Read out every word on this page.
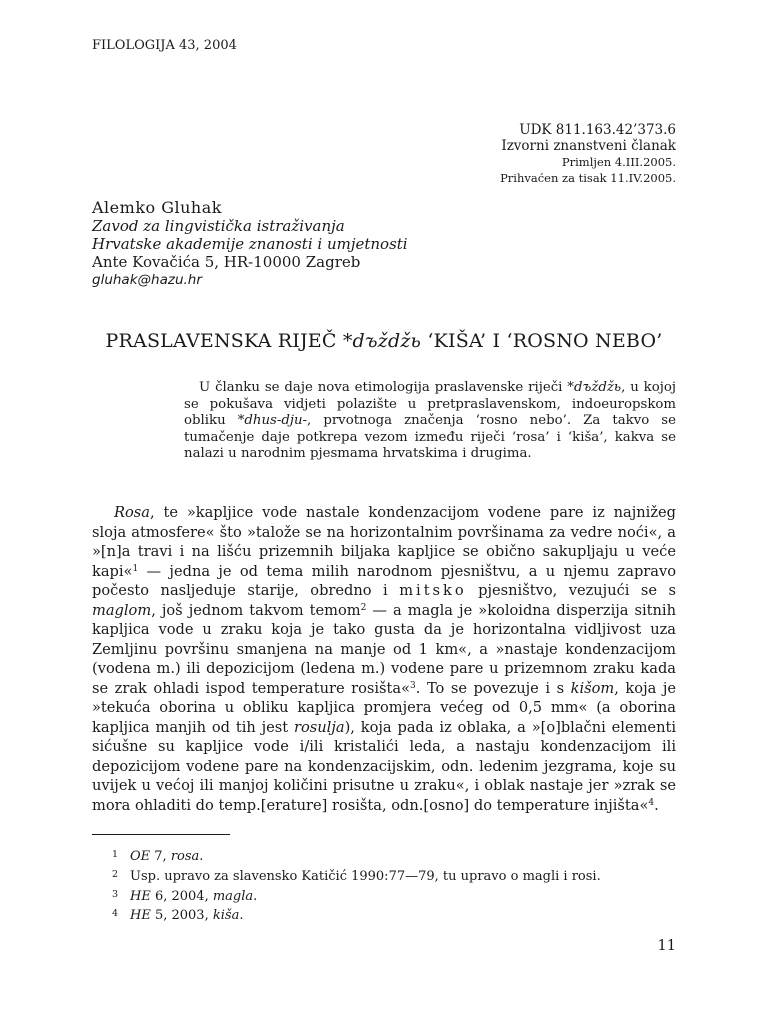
FILOLOGIJA 43, 2004
UDK 811.163.42’373.6
Izvorni znanstveni članak
Primljen 4.III.2005.
Prihvaćen za tisak 11.IV.2005.
Alemko Gluhak
Zavod za lingvistička istraživanja
Hrvatske akademije znanosti i umjetnosti
Ante Kovačića 5, HR-10000 Zagreb
gluhak@hazu.hr
PRASLAVENSKA RIJEČ *dъždžь ‘KIŠA’ I ‘ROSNO NEBO’
U članku se daje nova etimologija praslavenske riječi *dъždžь, u kojoj se pokušava vidjeti polazište u pretpraslavenskom, indoeuropskom obliku *dhus-dju-, prvotnoga značenja ‘rosno nebo’. Za takvo se tumačenje daje potkrepa vezom između riječi ‘rosa’ i ‘kiša’, kakva se nalazi u narodnim pjesmama hrvatskima i drugima.
Rosa, te »kapljice vode nastale kondenzacijom vodene pare iz najnižeg sloja atmosfere« što »talože se na horizontalnim površinama za vedre noći«, a »[n]a travi i na lišću prizemnih biljaka kapljice se obično sakupljaju u veće kapi«$^1$ — jedna je od tema milih narodnom pjesništvu, a u njemu zapravo počesto nasljeduje starije, obredno i mitsko pjesništvo, vezujući se s maglom, još jednom takvom temom$^2$ — a magla je »koloidna disperzija sitnih kapljica vode u zraku koja je tako gusta da je horizontalna vidljivost uza Zemljinu površinu smanjena na manje od 1 km«, a »nastaje kondenzacijom (vodena m.) ili depozicijom (ledena m.) vodene pare u prizemnom zraku kada se zrak ohladi ispod temperature rosišta«$^3$. To se povezuje i s kišom, koja je »tekuća oborina u obliku kapljica promjera većeg od 0,5 mm« (a oborina kapljica manjih od tih jest rosulja), koja pada iz oblaka, a »[o]blačni elementi sićušne su kapljice vode i/ili kristalići leda, a nastaju kondenzacijom ili depozicijom vodene pare na kondenzacijskim, odn. ledenim jezgrama, koje su uvijek u većoj ili manjoj količini prisutne u zraku«, i oblak nastaje jer »zrak se mora ohladiti do temp.[erature] rosišta, odn.[osno] do temperature injišta«$^4$.
1 OE 7, rosa.
2 Usp. upravo za slavensko Katičić 1990:77—79, tu upravo o magli i rosi.
3 HE 6, 2004, magla.
4 HE 5, 2003, kiša.
11
